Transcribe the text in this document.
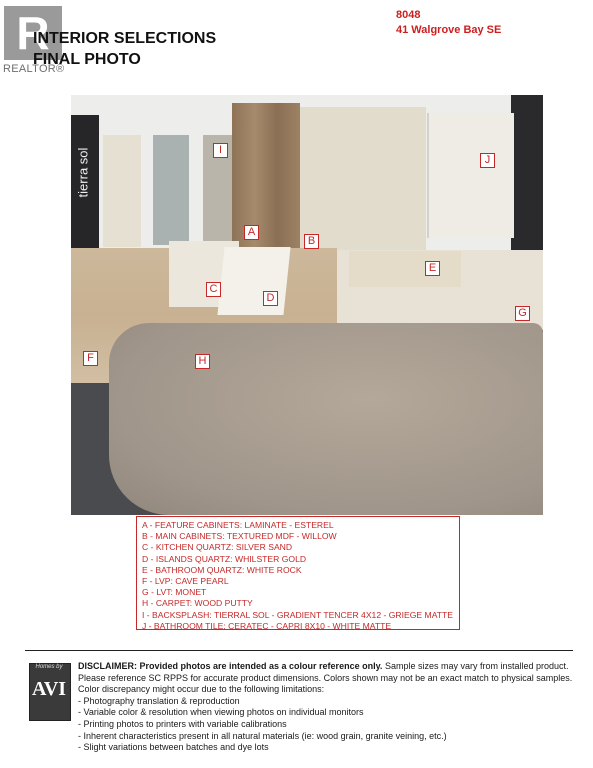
R
REALTOR®
INTERIOR SELECTIONS
FINAL PHOTO
8048
41 Walgrove Bay SE
tierra sol	I
J
A
B
C
D
E
F
G
H
A - FEATURE CABINETS: LAMINATE - ESTEREL
B - MAIN CABINETS: TEXTURED MDF - WILLOW
C - KITCHEN QUARTZ: SILVER SAND
D - ISLANDS QUARTZ: WHILSTER GOLD
E - BATHROOM QUARTZ: WHITE ROCK
F - LVP: CAVE PEARL
G - LVT: MONET
H - CARPET: WOOD PUTTY
I - BACKSPLASH: TIERRAL SOL - GRADIENT TENCER 4X12 - GRIEGE MATTE
J - BATHROOM TILE: CERATEC - CAPRI 8X10 - WHITE MATTE
Homes by
AVI
DISCLAIMER: Provided photos are intended as a colour reference only. Sample sizes may vary from installed product. Please reference SC RPPS for accurate product dimensions. Colors shown may not be an exact match to physical samples. Color discrepancy might occur due to the following limitations:
- Photography translation & reproduction
- Variable color & resolution when viewing photos on individual monitors
- Printing photos to printers with variable calibrations
- Inherent characteristics present in all natural materials (ie: wood grain, granite veining, etc.)
- Slight variations between batches and dye lots
